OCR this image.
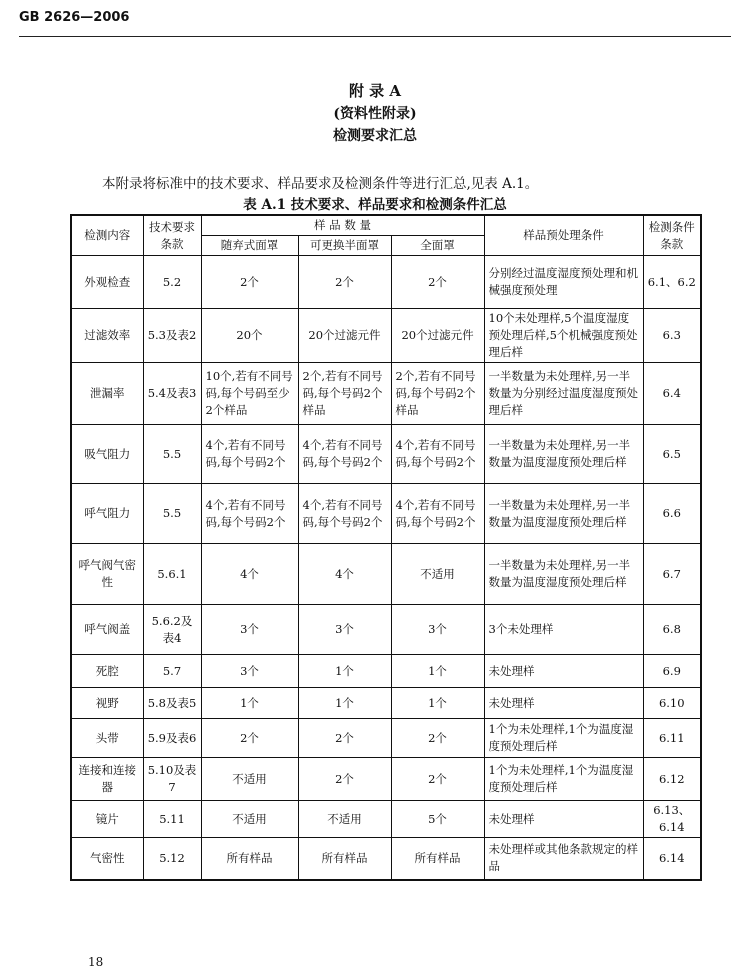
GB 2626—2006
附 录 A
(资料性附录)
检测要求汇总
本附录将标准中的技术要求、样品要求及检测条件等进行汇总,见表 A.1。
表 A.1 技术要求、样品要求和检测条件汇总
检测内容	技术要求条款	样 品 数 量			样品预处理条件	检测条件条款
		随弃式面罩	可更换半面罩	全面罩		
外观检查	5.2	2个	2个	2个	分别经过温度湿度预处理和机械强度预处理	6.1、6.2
过滤效率	5.3及表2	20个	20个过滤元件	20个过滤元件	10个未处理样,5个温度湿度预处理后样,5个机械强度预处理后样	6.3
泄漏率	5.4及表3	10个,若有不同号码,每个号码至少2个样品	2个,若有不同号码,每个号码2个样品	2个,若有不同号码,每个号码2个样品	一半数量为未处理样,另一半数量为分别经过温度湿度预处理后样	6.4
吸气阻力	5.5	4个,若有不同号码,每个号码2个	4个,若有不同号码,每个号码2个	4个,若有不同号码,每个号码2个	一半数量为未处理样,另一半数量为温度湿度预处理后样	6.5
呼气阻力	5.5	4个,若有不同号码,每个号码2个	4个,若有不同号码,每个号码2个	4个,若有不同号码,每个号码2个	一半数量为未处理样,另一半数量为温度湿度预处理后样	6.6
呼气阀气密性	5.6.1	4个	4个	不适用	一半数量为未处理样,另一半数量为温度湿度预处理后样	6.7
呼气阀盖	5.6.2及表4	3个	3个	3个	3个未处理样	6.8
死腔	5.7	3个	1个	1个	未处理样	6.9
视野	5.8及表5	1个	1个	1个	未处理样	6.10
头带	5.9及表6	2个	2个	2个	1个为未处理样,1个为温度湿度预处理后样	6.11
连接和连接器	5.10及表7	不适用	2个	2个	1个为未处理样,1个为温度湿度预处理后样	6.12
镜片	5.11	不适用	不适用	5个	未处理样	6.13、6.14
气密性	5.12	所有样品	所有样品	所有样品	未处理样或其他条款规定的样品	6.14
18
